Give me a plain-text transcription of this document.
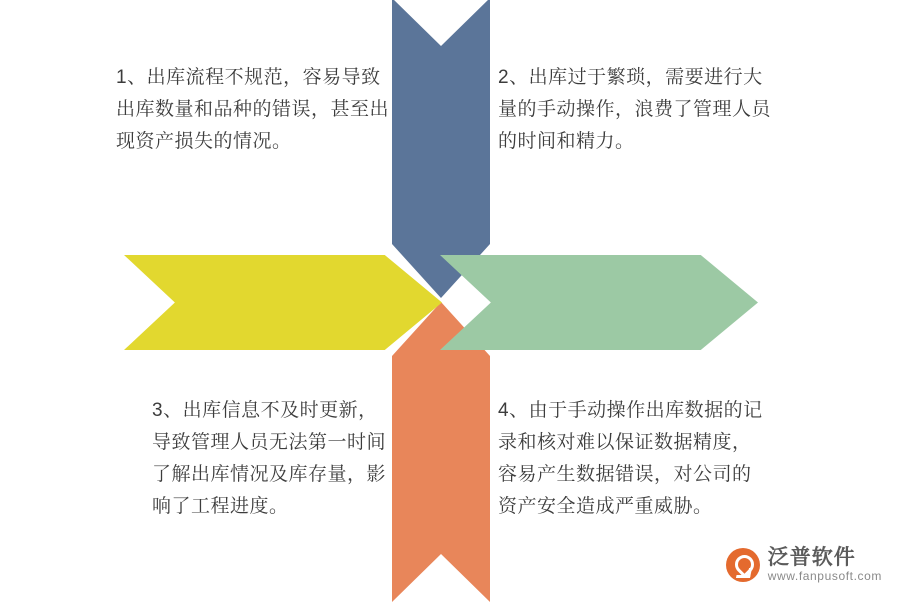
1、出库流程不规范，容易导致出库数量和品种的错误，甚至出现资产损失的情况。
2、出库过于繁琐，需要进行大量的手动操作，浪费了管理人员的时间和精力。
3、出库信息不及时更新，导致管理人员无法第一时间了解出库情况及库存量，影响了工程进度。
4、由于手动操作出库数据的记录和核对难以保证数据精度，容易产生数据错误，对公司的资产安全造成严重威胁。
泛普软件
www.fanpusoft.com
